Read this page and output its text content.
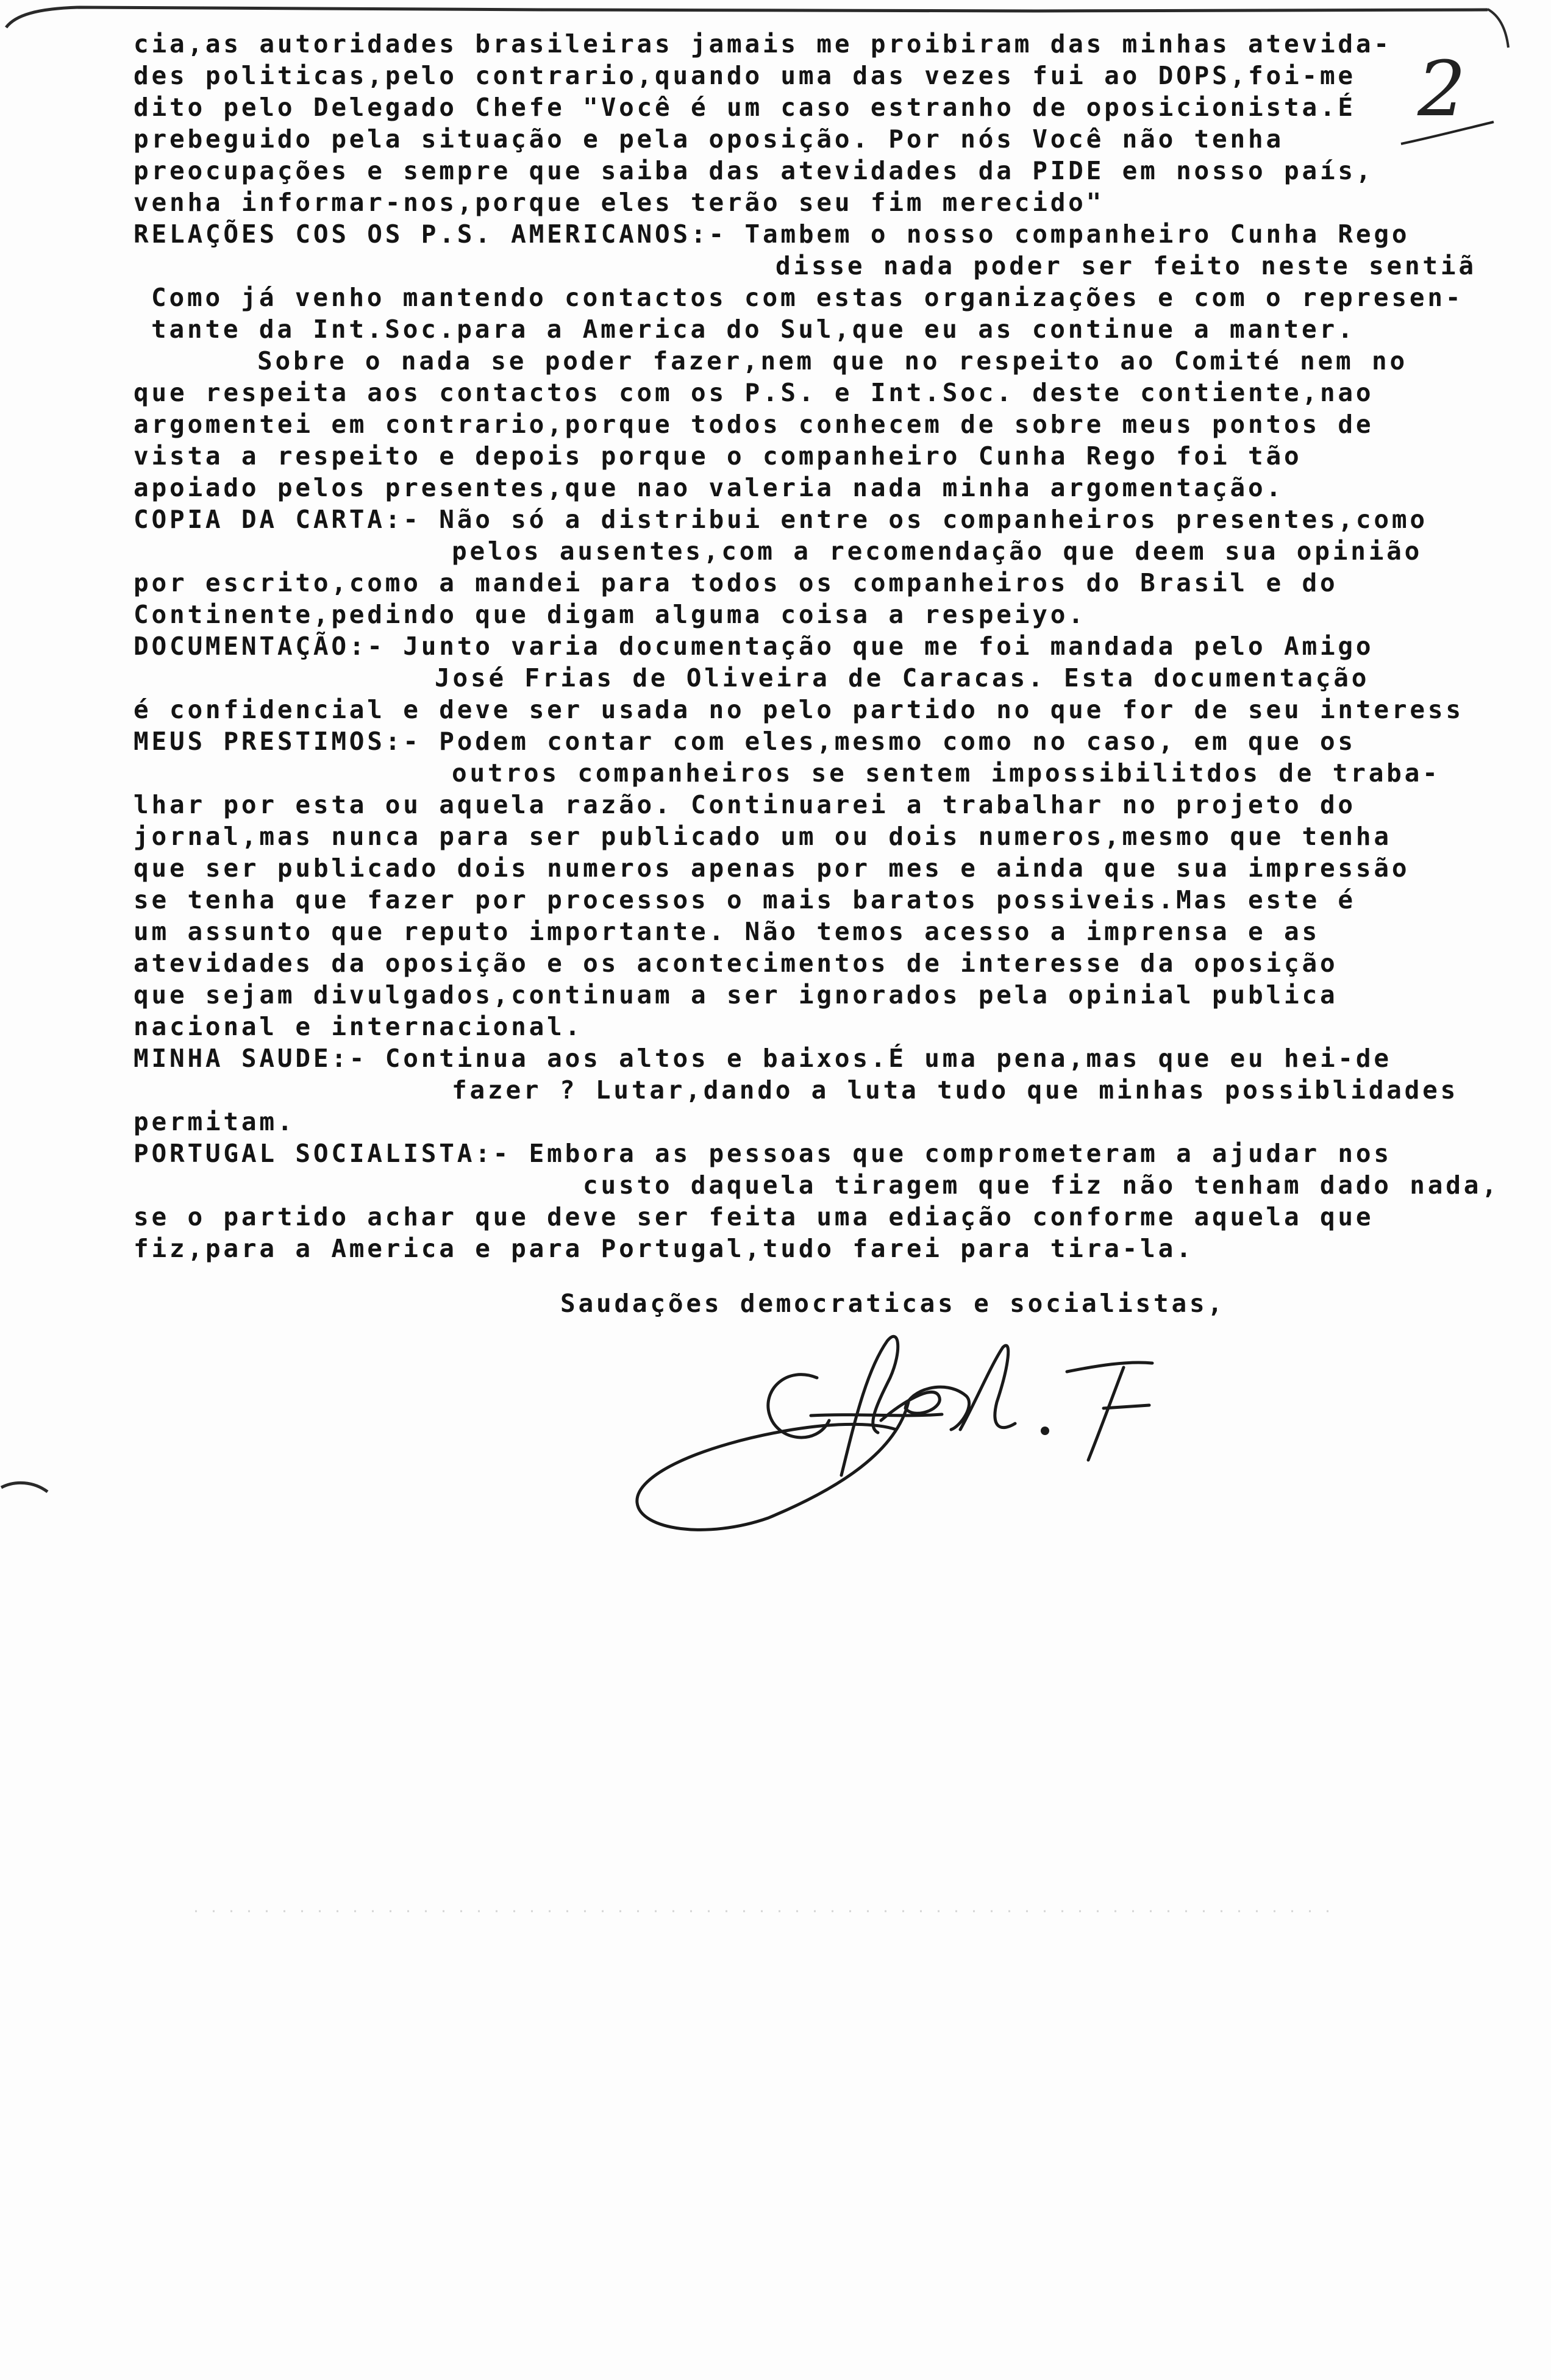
2
cia,as autoridades brasileiras jamais me proibiram das minhas atevida-
des politicas,pelo contrario,quando uma das vezes fui ao DOPS,foi-me
dito pelo Delegado Chefe "Você é um caso estranho de oposicionista.É
prebeguido pela situação e pela oposição. Por nós Você não tenha
preocupações e sempre que saiba das atevidades da PIDE em nosso país,
venha informar-nos,porque eles terão seu fim merecido"
RELAÇÕES COS OS P.S. AMERICANOS:- Tambem o nosso companheiro Cunha Rego
disse nada poder ser feito neste sentiã
Como já venho mantendo contactos com estas organizações e com o represen-
tante da Int.Soc.para a America do Sul,que eu as continue a manter.
Sobre o nada se poder fazer,nem que no respeito ao Comité nem no
que respeita aos contactos com os P.S. e Int.Soc. deste contiente,nao
argomentei em contrario,porque todos conhecem de sobre meus pontos de
vista a respeito e depois porque o companheiro Cunha Rego foi tão
apoiado pelos presentes,que nao valeria nada minha argomentação.
COPIA DA CARTA:- Não só a distribui entre os companheiros presentes,como
pelos ausentes,com a recomendação que deem sua opinião
por escrito,como a mandei para todos os companheiros do Brasil e do
Continente,pedindo que digam alguma coisa a respeiyo.
DOCUMENTAÇÃO:- Junto varia documentação que me foi mandada pelo Amigo
José Frias de Oliveira de Caracas. Esta documentação
é confidencial e deve ser usada no pelo partido no que for de seu interess
MEUS PRESTIMOS:- Podem contar com eles,mesmo como no caso, em que os
outros companheiros se sentem impossibilitdos de traba-
lhar por esta ou aquela razão. Continuarei a trabalhar no projeto do
jornal,mas nunca para ser publicado um ou dois numeros,mesmo que tenha
que ser publicado dois numeros apenas por mes e ainda que sua impressão
se tenha que fazer por processos o mais baratos possiveis.Mas este é
um assunto que reputo importante. Não temos acesso a imprensa e as
atevidades da oposição e os acontecimentos de interesse da oposição
que sejam divulgados,continuam a ser ignorados pela opinial publica
nacional e internacional.
MINHA SAUDE:- Continua aos altos e baixos.É uma pena,mas que eu hei-de
fazer ? Lutar,dando a luta tudo que minhas possiblidades
permitam.
PORTUGAL SOCIALISTA:- Embora as pessoas que comprometeram a ajudar nos
custo daquela tiragem que fiz não tenham dado nada,
se o partido achar que deve ser feita uma ediação conforme aquela que
fiz,para a America e para Portugal,tudo farei para tira-la.
Saudações democraticas e socialistas,
